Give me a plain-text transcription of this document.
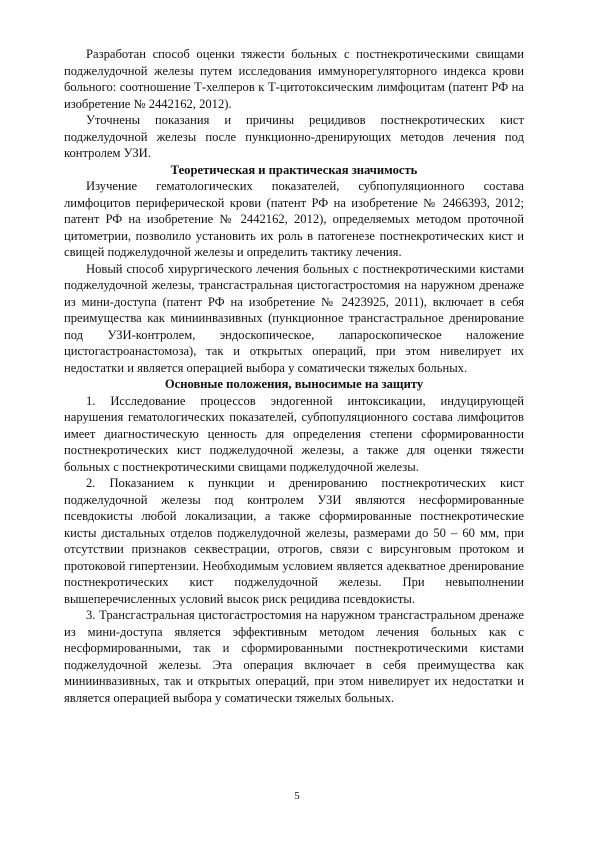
Разработан способ оценки тяжести больных с постнекротическими свищами поджелудочной железы путем исследования иммунорегуляторного индекса крови больного: соотношение Т-хелперов к Т-цитотоксическим лимфоцитам (патент РФ на изобретение № 2442162, 2012).

Уточнены показания и причины рецидивов постнекротических кист поджелудочной железы после пункционно-дренирующих методов лечения под контролем УЗИ.

Теоретическая и практическая значимость

Изучение гематологических показателей, субпопуляционного состава лимфоцитов периферической крови (патент РФ на изобретение № 2466393, 2012; патент РФ на изобретение № 2442162, 2012), определяемых методом проточной цитометрии, позволило установить их роль в патогенезе постнекротических кист и свищей поджелудочной железы и определить тактику лечения.

Новый способ хирургического лечения больных с постнекротическими кистами поджелудочной железы, трансгастральная цистогастростомия на наружном дренаже из мини-доступа (патент РФ на изобретение № 2423925, 2011), включает в себя преимущества как миниинвазивных (пункционное трансгастральное дренирование под УЗИ-контролем, эндоскопическое, лапароскопическое наложение цистогастроанастомоза), так и открытых операций, при этом нивелирует их недостатки и является операцией выбора у соматически тяжелых больных.

Основные положения, выносимые на защиту

1. Исследование процессов эндогенной интоксикации, индуцирующей нарушения гематологических показателей, субпопуляционного состава лимфоцитов имеет диагностическую ценность для определения степени сформированности постнекротических кист поджелудочной железы, а также для оценки тяжести больных с постнекротическими свищами поджелудочной железы.

2. Показанием к пункции и дренированию постнекротических кист поджелудочной железы под контролем УЗИ являются несформированные псевдокисты любой локализации, а также сформированные постнекротические кисты дистальных отделов поджелудочной железы, размерами до 50 – 60 мм, при отсутствии признаков секвестрации, отрогов, связи с вирсунговым протоком и протоковой гипертензии. Необходимым условием является адекватное дренирование постнекротических кист поджелудочной железы. При невыполнении вышеперечисленных условий высок риск рецидива псевдокисты.

3. Трансгастральная цистогастростомия на наружном трансгастральном дренаже из мини-доступа является эффективным методом лечения больных как с несформированными, так и сформированными постнекротическими кистами поджелудочной железы. Эта операция включает в себя преимущества как миниинвазивных, так и открытых операций, при этом нивелирует их недостатки и является операцией выбора у соматически тяжелых больных.

5
